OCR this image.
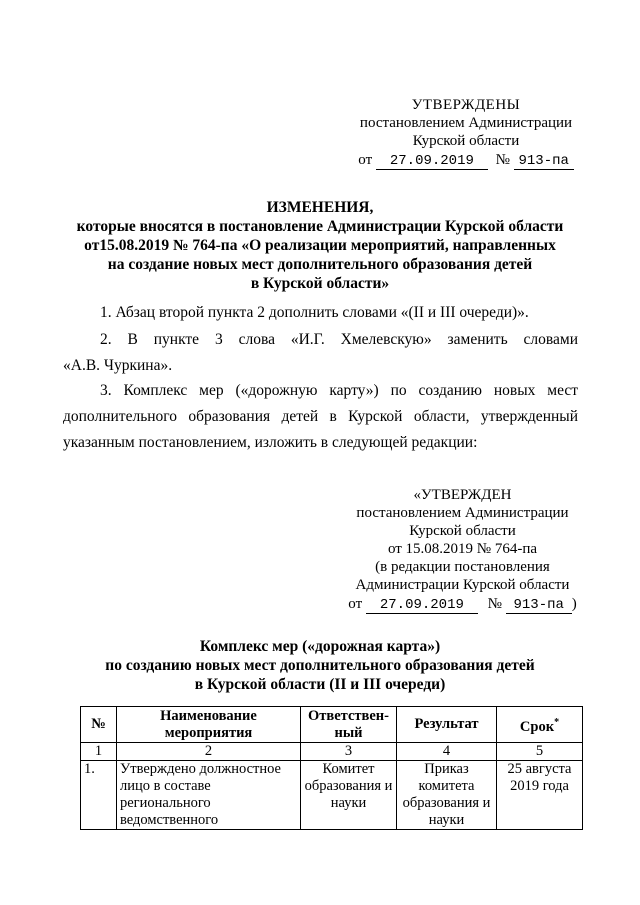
УТВЕРЖДЕНЫ
постановлением Администрации
Курской области
от 27.09.2019 № 913-па
ИЗМЕНЕНИЯ,
которые вносятся в постановление Администрации Курской области
от15.08.2019 № 764-па «О реализации мероприятий, направленных
на создание новых мест дополнительного образования детей
в Курской области»
1. Абзац второй пункта 2 дополнить словами «(II и III очереди)».
2. В пункте 3 слова «И.Г. Хмелевскую» заменить словами
«А.В. Чуркина».
3. Комплекс мер («дорожную карту») по созданию новых мест
дополнительного образования детей в Курской области, утвержденный
указанным постановлением, изложить в следующей редакции:
«УТВЕРЖДЕН
постановлением Администрации
Курской области
от 15.08.2019 № 764-па
(в редакции постановления
Администрации Курской области
от 27.09.2019 № 913-па )
Комплекс мер («дорожная карта»)
по созданию новых мест дополнительного образования детей
в Курской области (II и III очереди)
№	Наименование мероприятия	Ответствен-ный	Результат	Срок*
1	2	3	4	5
1.	Утверждено должностное лицо в составе регионального ведомственного	Комитет образования и науки	Приказ комитета образования и науки	25 августа 2019 года
